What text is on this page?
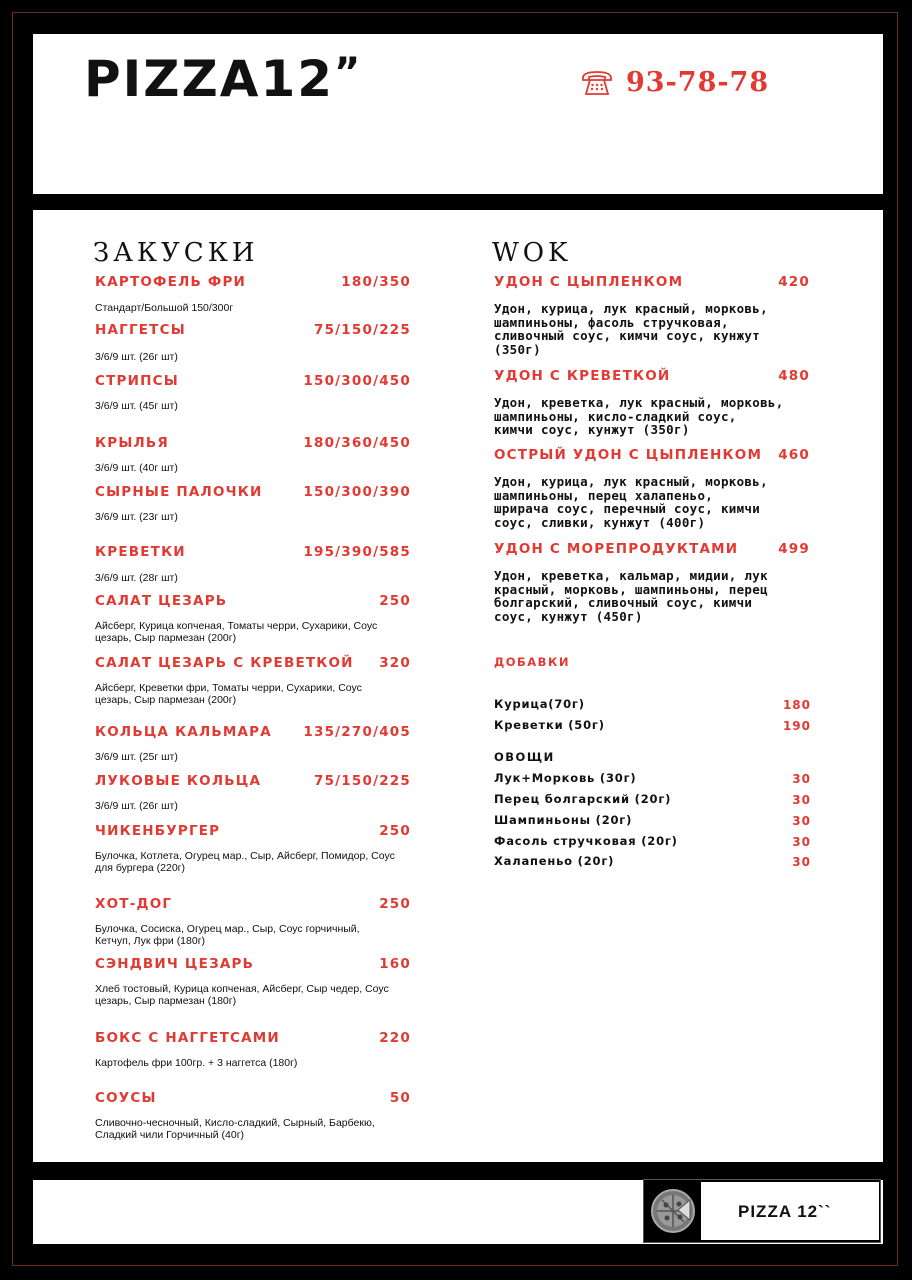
PIZZA12”	93-78-78
ЗАКУСКИ
КАРТОФЕЛЬ ФРИ	180/350
Стандарт/Большой 150/300г
НАГГЕТСЫ	75/150/225
3/6/9 шт. (26г шт)
СТРИПСЫ	150/300/450
3/6/9 шт. (45г шт)
КРЫЛЬЯ	180/360/450
3/6/9 шт. (40г шт)
СЫРНЫЕ ПАЛОЧКИ	150/300/390
3/6/9 шт. (23г шт)
КРЕВЕТКИ	195/390/585
3/6/9 шт. (28г шт)
САЛАТ ЦЕЗАРЬ	250
Айсберг, Курица копченая, Томаты черри, Сухарики, Соус
цезарь, Сыр пармезан (200г)
САЛАТ ЦЕЗАРЬ С КРЕВЕТКОЙ	320
Айсберг, Креветки фри, Томаты черри, Сухарики, Соус
цезарь, Сыр пармезан (200г)
КОЛЬЦА КАЛЬМАРА	135/270/405
3/6/9 шт. (25г шт)
ЛУКОВЫЕ КОЛЬЦА	75/150/225
3/6/9 шт. (26г шт)
ЧИКЕНБУРГЕР	250
Булочка, Котлета, Огурец мар., Сыр, Айсберг, Помидор, Соус
для бургера (220г)
ХОТ-ДОГ	250
Булочка, Сосиска, Огурец мар., Сыр, Соус горчичный,
Кетчуп, Лук фри (180г)
СЭНДВИЧ ЦЕЗАРЬ	160
Хлеб тостовый, Курица копченая, Айсберг, Сыр чедер, Соус
цезарь, Сыр пармезан (180г)
БОКС С НАГГЕТСАМИ	220
Картофель фри 100гр. + 3 наггетса (180г)
СОУСЫ	50
Сливочно-чесночный, Кисло-сладкий, Сырный, Барбекю,
Сладкий чили Горчичный (40г)
WOK
УДОН С ЦЫПЛЕНКОМ	420
Удон, курица, лук красный, морковь,
шампиньоны, фасоль стручковая,
сливочный соус, кимчи соус, кунжут
(350г)
УДОН С КРЕВЕТКОЙ	480
Удон, креветка, лук красный, морковь,
шампиньоны, кисло-сладкий соус,
кимчи соус, кунжут (350г)
ОСТРЫЙ УДОН С ЦЫПЛЕНКОМ	460
Удон, курица, лук красный, морковь,
шампиньоны, перец халапеньо,
шрирача соус, перечный соус, кимчи
соус, сливки, кунжут (400г)
УДОН С МОРЕПРОДУКТАМИ	499
Удон, креветка, кальмар, мидии, лук
красный, морковь, шампиньоны, перец
болгарский, сливочный соус, кимчи
соус, кунжут (450г)
ДОБАВКИ
Курица(70г)	180
Креветки (50г)	190
ОВОЩИ
Лук+Морковь (30г)	30
Перец болгарский (20г)	30
Шампиньоны (20г)	30
Фасоль стручковая (20г)	30
Халапеньо (20г)	30
PIZZA 12``
